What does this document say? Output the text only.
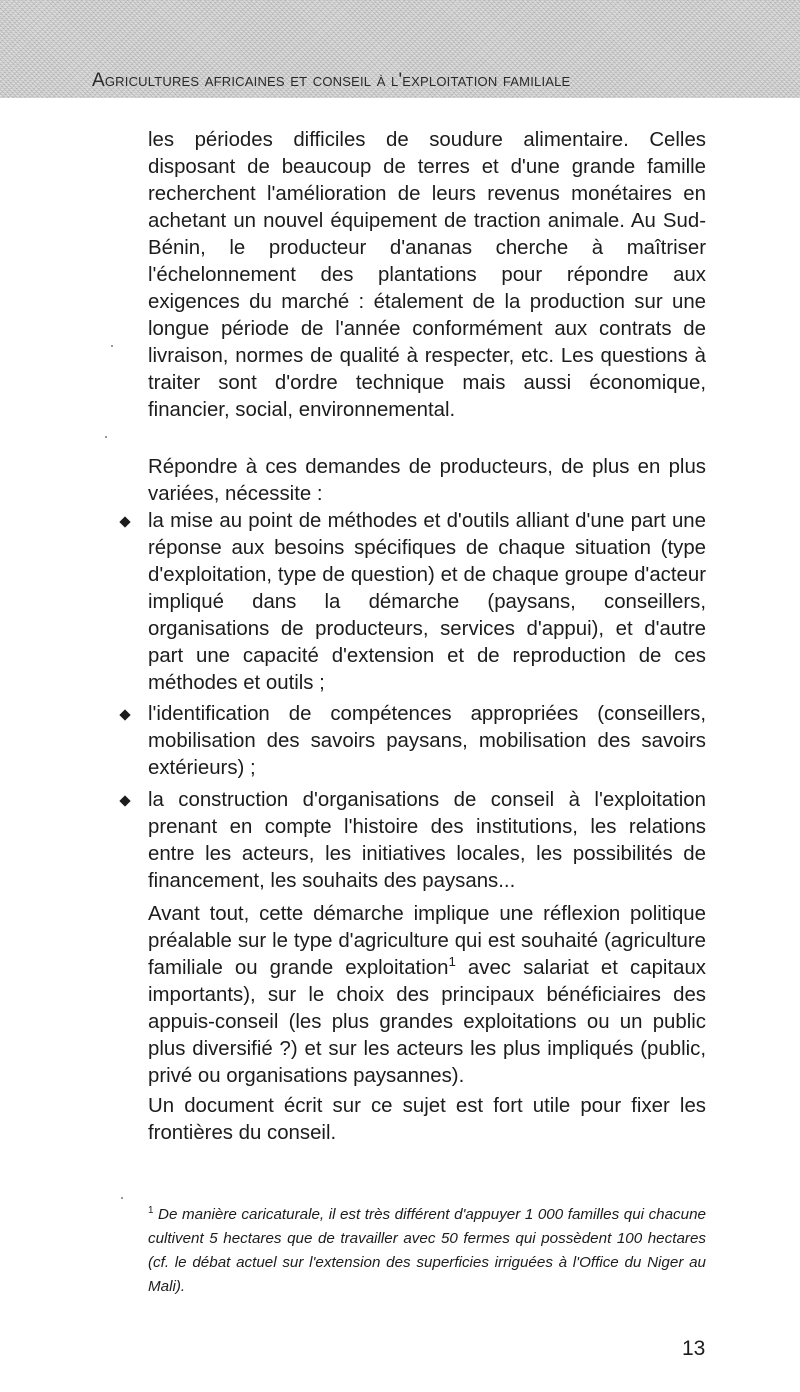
Agricultures africaines et conseil à l'exploitation familiale

les périodes difficiles de soudure alimentaire. Celles disposant de beaucoup de terres et d'une grande famille recherchent l'amélioration de leurs revenus monétaires en achetant un nouvel équipement de traction animale. Au Sud-Bénin, le producteur d'ananas cherche à maîtriser l'échelonnement des plantations pour répondre aux exigences du marché : étalement de la production sur une longue période de l'année conformément aux contrats de livraison, normes de qualité à respecter, etc. Les questions à traiter sont d'ordre technique mais aussi économique, financier, social, environnemental.

Répondre à ces demandes de producteurs, de plus en plus variées, nécessite :

la mise au point de méthodes et d'outils alliant d'une part une réponse aux besoins spécifiques de chaque situation (type d'exploitation, type de question) et de chaque groupe d'acteur impliqué dans la démarche (paysans, conseillers, organisations de producteurs, services d'appui), et d'autre part une capacité d'extension et de reproduction de ces méthodes et outils ;
l'identification de compétences appropriées (conseillers, mobilisation des savoirs paysans, mobilisation des savoirs extérieurs) ;
la construction d'organisations de conseil à l'exploitation prenant en compte l'histoire des institutions, les relations entre les acteurs, les initiatives locales, les possibilités de financement, les souhaits des paysans...

Avant tout, cette démarche implique une réflexion politique préalable sur le type d'agriculture qui est souhaité (agriculture familiale ou grande exploitation$^1$ avec salariat et capitaux importants), sur le choix des principaux bénéficiaires des appuis-conseil (les plus grandes exploitations ou un public plus diversifié ?) et sur les acteurs les plus impliqués (public, privé ou organisations paysannes).

Un document écrit sur ce sujet est fort utile pour fixer les frontières du conseil.

$^1$ De manière caricaturale, il est très différent d'appuyer 1 000 familles qui chacune cultivent 5 hectares que de travailler avec 50 fermes qui possèdent 100 hectares (cf. le débat actuel sur l'extension des superficies irriguées à l'Office du Niger au Mali).

13
